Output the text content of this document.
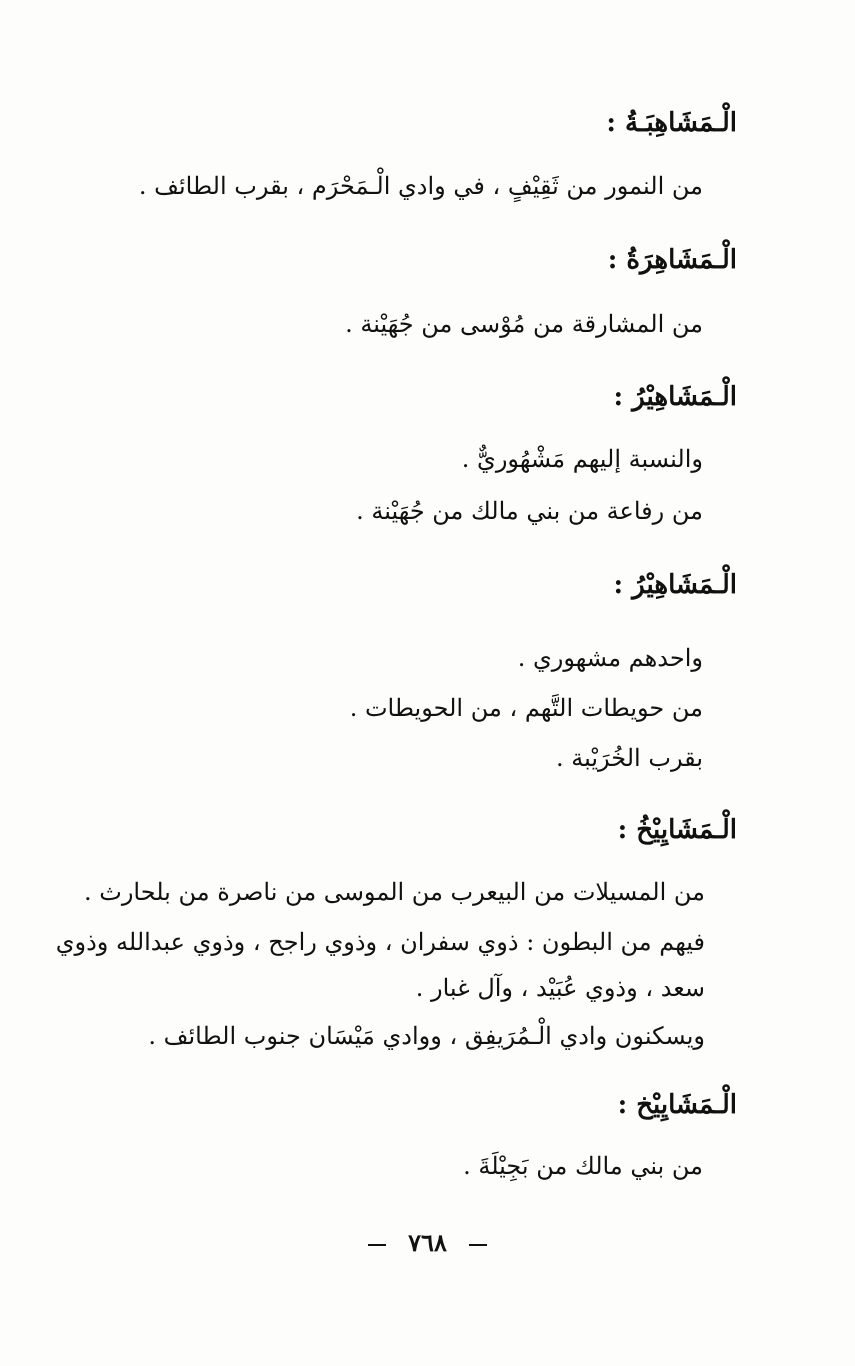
الْـمَشَاهِبَـةُ :
من النمور من ثَقِيْفٍ ، في وادي الْـمَحْرَم ، بقرب الطائف .
الْـمَشَاهِرَةُ :
من المشارقة من مُوْسى من جُهَيْنة .
الْـمَشَاهِيْرُ :
والنسبة إليهم مَشْهُوريٌّ .
من رفاعة من بني مالك من جُهَيْنة .
الْـمَشَاهِيْرُ :
واحدهم مشهوري .
من حويطات التَّهم ، من الحويطات .
بقرب الخُرَيْبة .
الْـمَشَايِيْخُ :
من المسيلات من البيعرب من الموسى من ناصرة من بلحارث .
فيهم من البطون : ذوي سفران ، وذوي راجح ، وذوي عبدالله وذوي
سعد ، وذوي عُبَيْد ، وآل غبار .
ويسكنون وادي الْـمُرَيفِق ، ووادي مَيْسَان جنوب الطائف .
الْـمَشَايِيْخ :
من بني مالك من بَجِيْلَةَ .
٧٦٨
